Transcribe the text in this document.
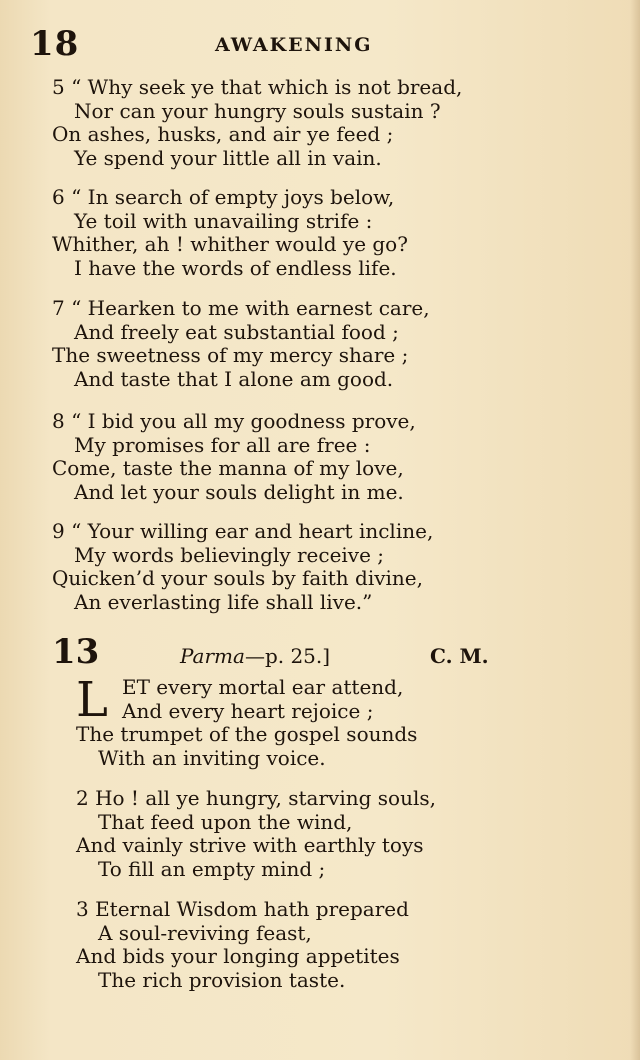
18	AWAKENING
5 “ Why seek ye that which is not bread,
Nor can your hungry souls sustain ?
On ashes, husks, and air ye feed ;
Ye spend your little all in vain.
6 “ In search of empty joys below,
Ye toil with unavailing strife :
Whither, ah ! whither would ye go?
I have the words of endless life.
7 “ Hearken to me with earnest care,
And freely eat substantial food ;
The sweetness of my mercy share ;
And taste that I alone am good.
8 “ I bid you all my goodness prove,
My promises for all are free :
Come, taste the manna of my love,
And let your souls delight in me.
9 “ Your willing ear and heart incline,
My words believingly receive ;
Quicken’d your souls by faith divine,
An everlasting life shall live.”
13	Parma—p. 25.]	C. M.
L ET every mortal ear attend,
And every heart rejoice ;
The trumpet of the gospel sounds
With an inviting voice.
2 Ho ! all ye hungry, starving souls,
That feed upon the wind,
And vainly strive with earthly toys
To fill an empty mind ;
3 Eternal Wisdom hath prepared
A soul-reviving feast,
And bids your longing appetites
The rich provision taste.
